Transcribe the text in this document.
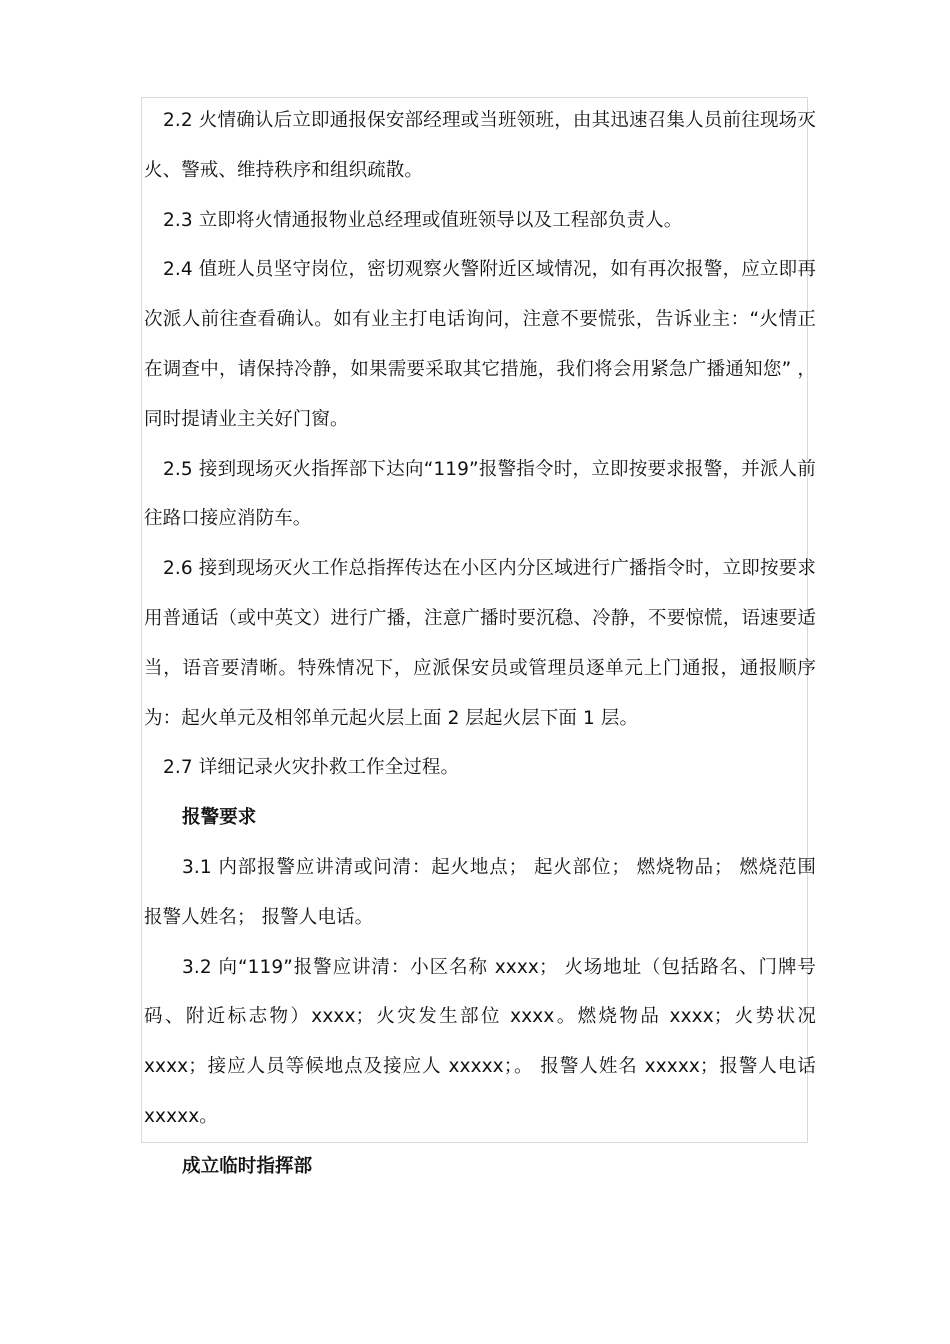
2.2 火情确认后立即通报保安部经理或当班领班，由其迅速召集人员前往现场灭火、警戒、维持秩序和组织疏散。

2.3 立即将火情通报物业总经理或值班领导以及工程部负责人。

2.4 值班人员坚守岗位，密切观察火警附近区域情况，如有再次报警，应立即再次派人前往查看确认。如有业主打电话询问，注意不要慌张，告诉业主：“火情正在调查中，请保持冷静，如果需要采取其它措施，我们将会用紧急广播通知您” ，同时提请业主关好门窗。

2.5 接到现场灭火指挥部下达向“119”报警指令时，立即按要求报警，并派人前往路口接应消防车。

2.6 接到现场灭火工作总指挥传达在小区内分区域进行广播指令时，立即按要求用普通话（或中英文）进行广播，注意广播时要沉稳、冷静，不要惊慌，语速要适当，语音要清晰。特殊情况下，应派保安员或管理员逐单元上门通报，通报顺序为：起火单元及相邻单元起火层上面 2 层起火层下面 1 层。

2.7 详细记录火灾扑救工作全过程。

报警要求

3.1 内部报警应讲清或问清：起火地点； 起火部位； 燃烧物品； 燃烧范围 报警人姓名； 报警人电话。

3.2 向“119”报警应讲清：小区名称 xxxx； 火场地址（包括路名、门牌号码、附近标志物）xxxx；火灾发生部位 xxxx。燃烧物品 xxxx；火势状况 xxxx；接应人员等候地点及接应人 xxxxx；。 报警人姓名 xxxxx；报警人电话 xxxxx。

成立临时指挥部
